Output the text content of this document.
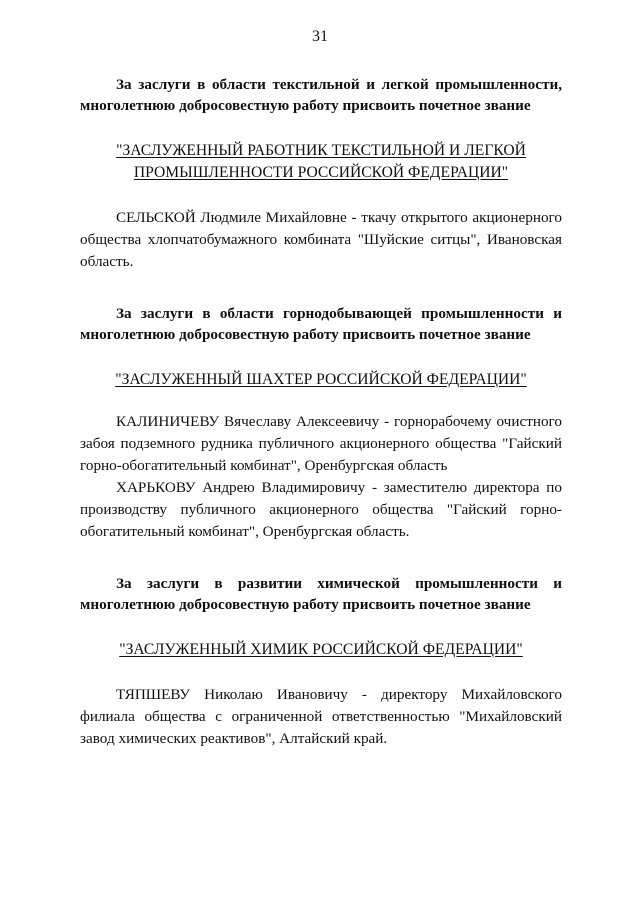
31

За заслуги в области текстильной и легкой промышленности, многолетнюю добросовестную работу присвоить почетное звание

"ЗАСЛУЖЕННЫЙ РАБОТНИК ТЕКСТИЛЬНОЙ И ЛЕГКОЙ
ПРОМЫШЛЕННОСТИ РОССИЙСКОЙ ФЕДЕРАЦИИ"

СЕЛЬСКОЙ Людмиле Михайловне - ткачу открытого акционерного общества хлопчатобумажного комбината "Шуйские ситцы", Ивановская область.

За заслуги в области горнодобывающей промышленности и многолетнюю добросовестную работу присвоить почетное звание

"ЗАСЛУЖЕННЫЙ ШАХТЕР РОССИЙСКОЙ ФЕДЕРАЦИИ"

КАЛИНИЧЕВУ Вячеславу Алексеевичу - горнорабочему очистного забоя подземного рудника публичного акционерного общества "Гайский горно-обогатительный комбинат", Оренбургская область

ХАРЬКОВУ Андрею Владимировичу - заместителю директора по производству публичного акционерного общества "Гайский горно-обогатительный комбинат", Оренбургская область.

За заслуги в развитии химической промышленности и многолетнюю добросовестную работу присвоить почетное звание

"ЗАСЛУЖЕННЫЙ ХИМИК РОССИЙСКОЙ ФЕДЕРАЦИИ"

ТЯПШЕВУ Николаю Ивановичу - директору Михайловского филиала общества с ограниченной ответственностью "Михайловский завод химических реактивов", Алтайский край.
